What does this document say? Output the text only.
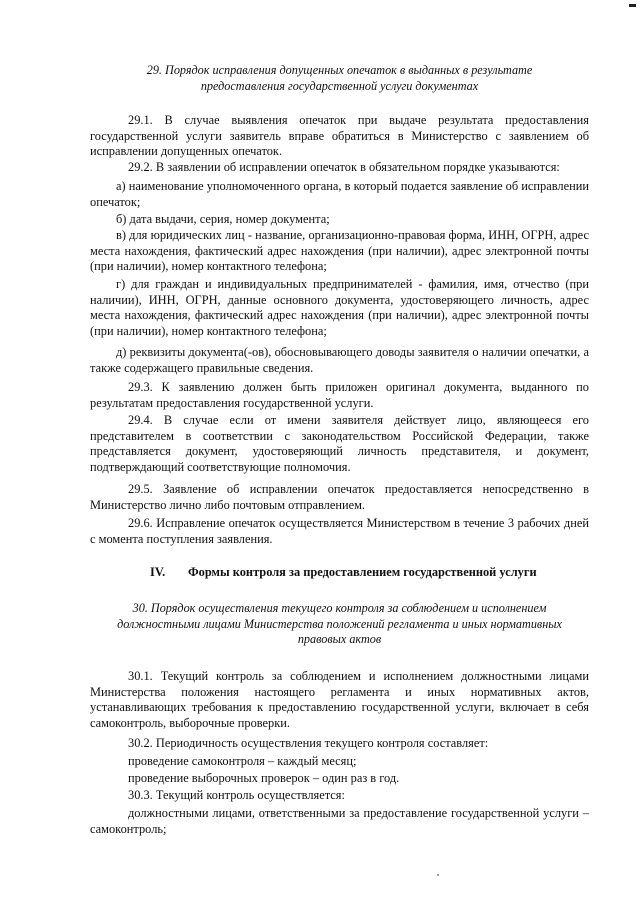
29. Порядок исправления допущенных опечаток в выданных в результате
предоставления государственной услуги документах

29.1. В случае выявления опечаток при выдаче результата предоставления государственной услуги заявитель вправе обратиться в Министерство с заявлением об исправлении допущенных опечаток.

29.2. В заявлении об исправлении опечаток в обязательном порядке указываются:

а) наименование уполномоченного органа, в который подается заявление об исправлении опечаток;

б) дата выдачи, серия, номер документа;

в) для юридических лиц - название, организационно-правовая форма, ИНН, ОГРН, адрес места нахождения, фактический адрес нахождения (при наличии), адрес электронной почты (при наличии), номер контактного телефона;

г) для граждан и индивидуальных предпринимателей - фамилия, имя, отчество (при наличии), ИНН, ОГРН, данные основного документа, удостоверяющего личность, адрес места нахождения, фактический адрес нахождения (при наличии), адрес электронной почты (при наличии), номер контактного телефона;

д) реквизиты документа(-ов), обосновывающего доводы заявителя о наличии опечатки, а также содержащего правильные сведения.

29.3. К заявлению должен быть приложен оригинал документа, выданного по результатам предоставления государственной услуги.

29.4. В случае если от имени заявителя действует лицо, являющееся его представителем в соответствии с законодательством Российской Федерации, также представляется документ, удостоверяющий личность представителя, и документ, подтверждающий соответствующие полномочия.

29.5. Заявление об исправлении опечаток предоставляется непосредственно в Министерство лично либо почтовым отправлением.

29.6. Исправление опечаток осуществляется Министерством в течение 3 рабочих дней с момента поступления заявления.

IV. Формы контроля за предоставлением государственной услуги
30. Порядок осуществления текущего контроля за соблюдением и исполнением
должностными лицами Министерства положений регламента и иных нормативных
правовых актов

30.1. Текущий контроль за соблюдением и исполнением должностными лицами Министерства положения настоящего регламента и иных нормативных актов, устанавливающих требования к предоставлению государственной услуги, включает в себя самоконтроль, выборочные проверки.

30.2. Периодичность осуществления текущего контроля составляет:

проведение самоконтроля – каждый месяц;

проведение выборочных проверок – один раз в год.

30.3. Текущий контроль осуществляется:

должностными лицами, ответственными за предоставление государственной услуги – самоконтроль;
